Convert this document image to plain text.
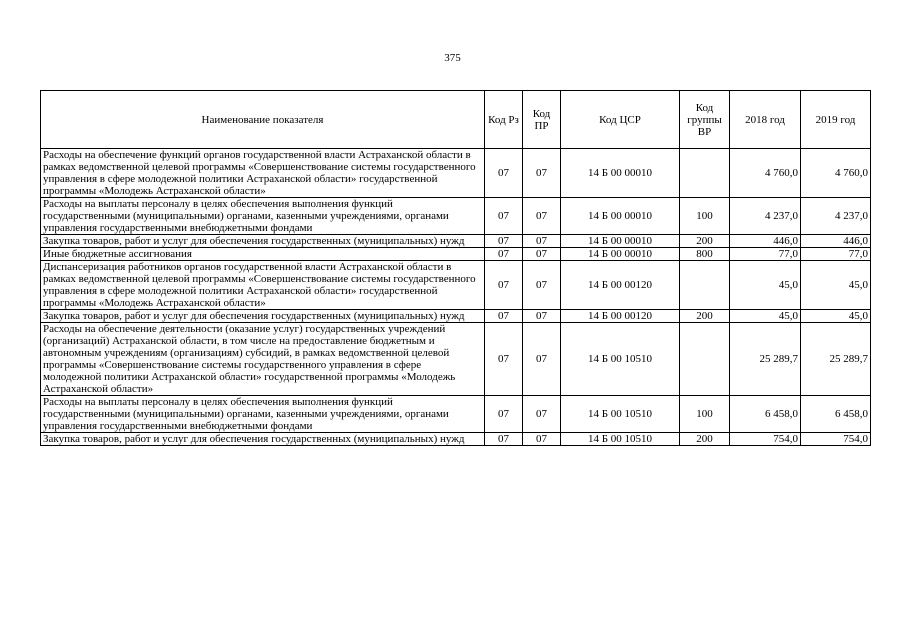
375
Наименование показателя	Код Рз	Код ПР	Код ЦСР	Код группы ВР	2018 год	2019 год
Расходы на обеспечение функций органов государственной власти Астраханской области в рамках ведомственной целевой программы «Совершенствование системы государственного управления в сфере молодежной политики Астраханской области» государственной программы «Молодежь Астраханской области»	07	07	14 Б 00 00010		4 760,0	4 760,0
Расходы на выплаты персоналу в целях обеспечения выполнения функций государственными (муниципальными) органами, казенными учреждениями, органами управления государственными внебюджетными фондами	07	07	14 Б 00 00010	100	4 237,0	4 237,0
Закупка товаров, работ и услуг для обеспечения государственных (муниципальных) нужд	07	07	14 Б 00 00010	200	446,0	446,0
Иные бюджетные ассигнования	07	07	14 Б 00 00010	800	77,0	77,0
Диспансеризация работников органов государственной власти Астраханской области в рамках ведомственной целевой программы «Совершенствование системы государственного управления в сфере молодежной политики Астраханской области» государственной программы «Молодежь Астраханской области»	07	07	14 Б 00 00120		45,0	45,0
Закупка товаров, работ и услуг для обеспечения государственных (муниципальных) нужд	07	07	14 Б 00 00120	200	45,0	45,0
Расходы на обеспечение деятельности (оказание услуг) государственных учреждений (организаций) Астраханской области, в том числе на предоставление бюджетным и автономным учреждениям (организациям) субсидий, в рамках ведомственной целевой программы «Совершенствование системы государственного управления в сфере молодежной политики Астраханской области» государственной программы «Молодежь Астраханской области»	07	07	14 Б 00 10510		25 289,7	25 289,7
Расходы на выплаты персоналу в целях обеспечения выполнения функций государственными (муниципальными) органами, казенными учреждениями, органами управления государственными внебюджетными фондами	07	07	14 Б 00 10510	100	6 458,0	6 458,0
Закупка товаров, работ и услуг для обеспечения государственных (муниципальных) нужд	07	07	14 Б 00 10510	200	754,0	754,0
